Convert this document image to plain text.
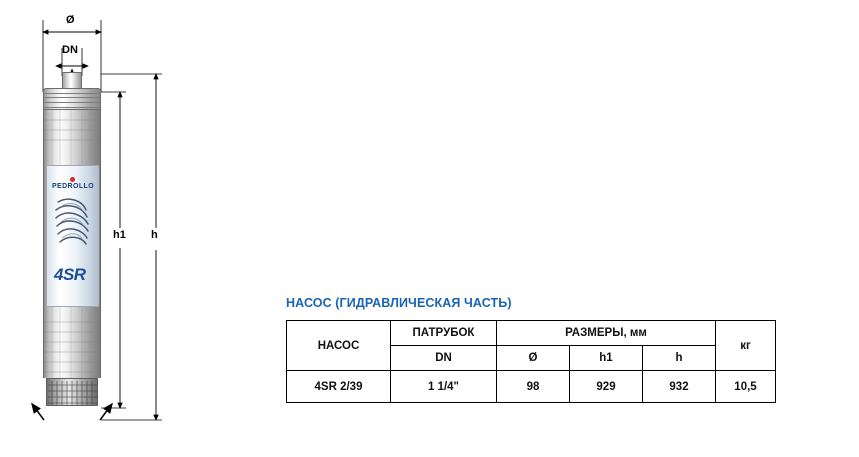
Ø
DN
h1 h
PEDROLLO
4SR
НАСОС (ГИДРАВЛИЧЕСКАЯ ЧАСТЬ)
НАСОС	ПАТРУБОК	РАЗМЕРЫ, мм			кг
	DN	Ø	h1	h	
4SR 2/39	1 1/4"	98	929	932	10,5
